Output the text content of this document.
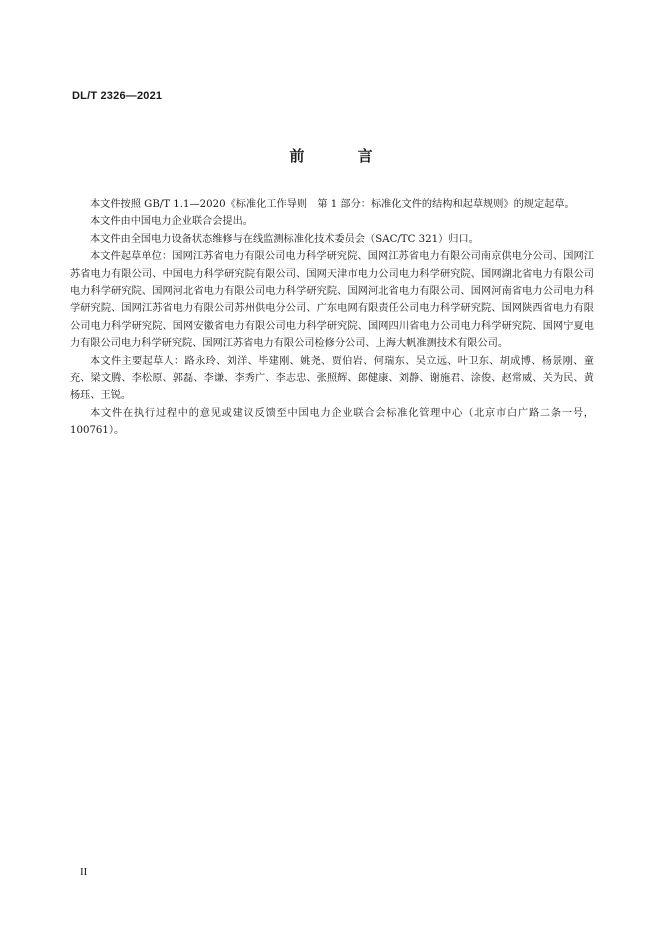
DL/T 2326—2021
前 言

本文件按照 GB/T 1.1—2020《标准化工作导则　第 1 部分：标准化文件的结构和起草规则》的规定起草。

本文件由中国电力企业联合会提出。

本文件由全国电力设备状态维修与在线监测标准化技术委员会（SAC/TC 321）归口。

本文件起草单位：国网江苏省电力有限公司电力科学研究院、国网江苏省电力有限公司南京供电分公司、国网江苏省电力有限公司、中国电力科学研究院有限公司、国网天津市电力公司电力科学研究院、国网湖北省电力有限公司电力科学研究院、国网河北省电力有限公司电力科学研究院、国网河北省电力有限公司、国网河南省电力公司电力科学研究院、国网江苏省电力有限公司苏州供电分公司、广东电网有限责任公司电力科学研究院、国网陕西省电力有限公司电力科学研究院、国网安徽省电力有限公司电力科学研究院、国网四川省电力公司电力科学研究院、国网宁夏电力有限公司电力科学研究院、国网江苏省电力有限公司检修分公司、上海大帆准测技术有限公司。

本文件主要起草人：路永玲、刘洋、毕建刚、姚尧、贾伯岩、何瑞东、吴立远、叶卫东、胡成博、杨景刚、童充、梁文腾、李松原、郭磊、李谦、李秀广、李志忠、张照辉、郎健康、刘静、谢施君、涂俊、赵常威、关为民、黄杨珏、王锐。

本文件在执行过程中的意见或建议反馈至中国电力企业联合会标准化管理中心（北京市白广路二条一号，100761）。

II
